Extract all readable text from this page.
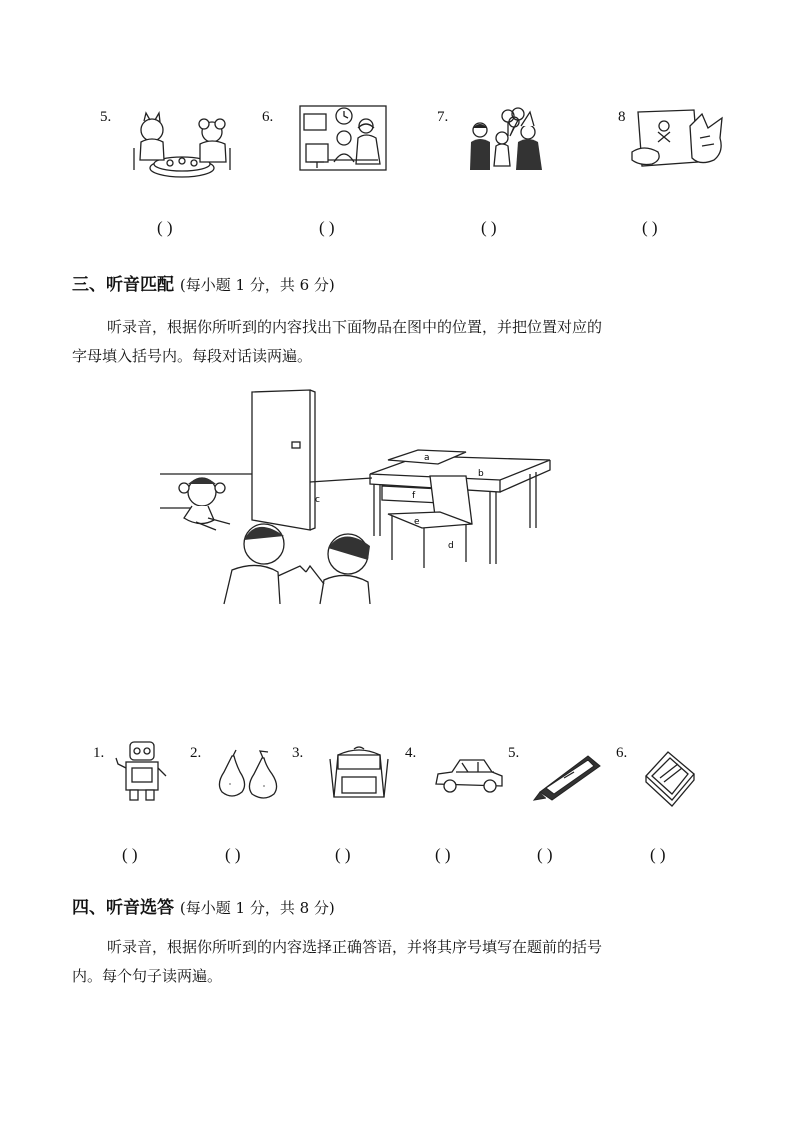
5.	6.	7.	8
( )	( )	( )	( )
三、听音匹配 (每小题 1 分，共 6 分)
听录音，根据你所听到的内容找出下面物品在图中的位置，并把位置对应的
字母填入括号内。每段对话读两遍。
c
a
b
f
e
d
1.	2.	3.	4.	5.	6.
( )	( )	( )	( )	( )	( )
四、听音选答 (每小题 1 分，共 8 分)
听录音，根据你所听到的内容选择正确答语，并将其序号填写在题前的括号
内。每个句子读两遍。
